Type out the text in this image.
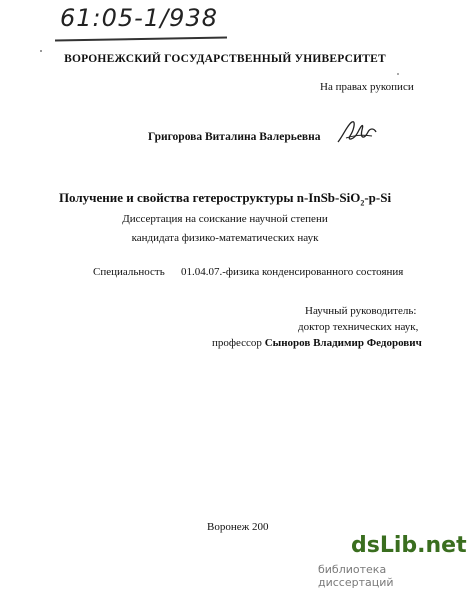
61:05-1/938
ВОРОНЕЖСКИЙ ГОСУДАРСТВЕННЫЙ УНИВЕРСИТЕТ
На правах рукописи
Григорова Виталина Валерьевна
Получение и свойства гетероструктуры n-InSb-SiO$_2$-p-Si
Диссертация на соискание научной степени
кандидата физико-математических наук
Специальность 01.04.07.-физика конденсированного состояния
Научный руководитель:
доктор технических наук,
профессор Сыноров Владимир Федорович
Воронеж 200
dsLib.net
библиотека диссертаций
